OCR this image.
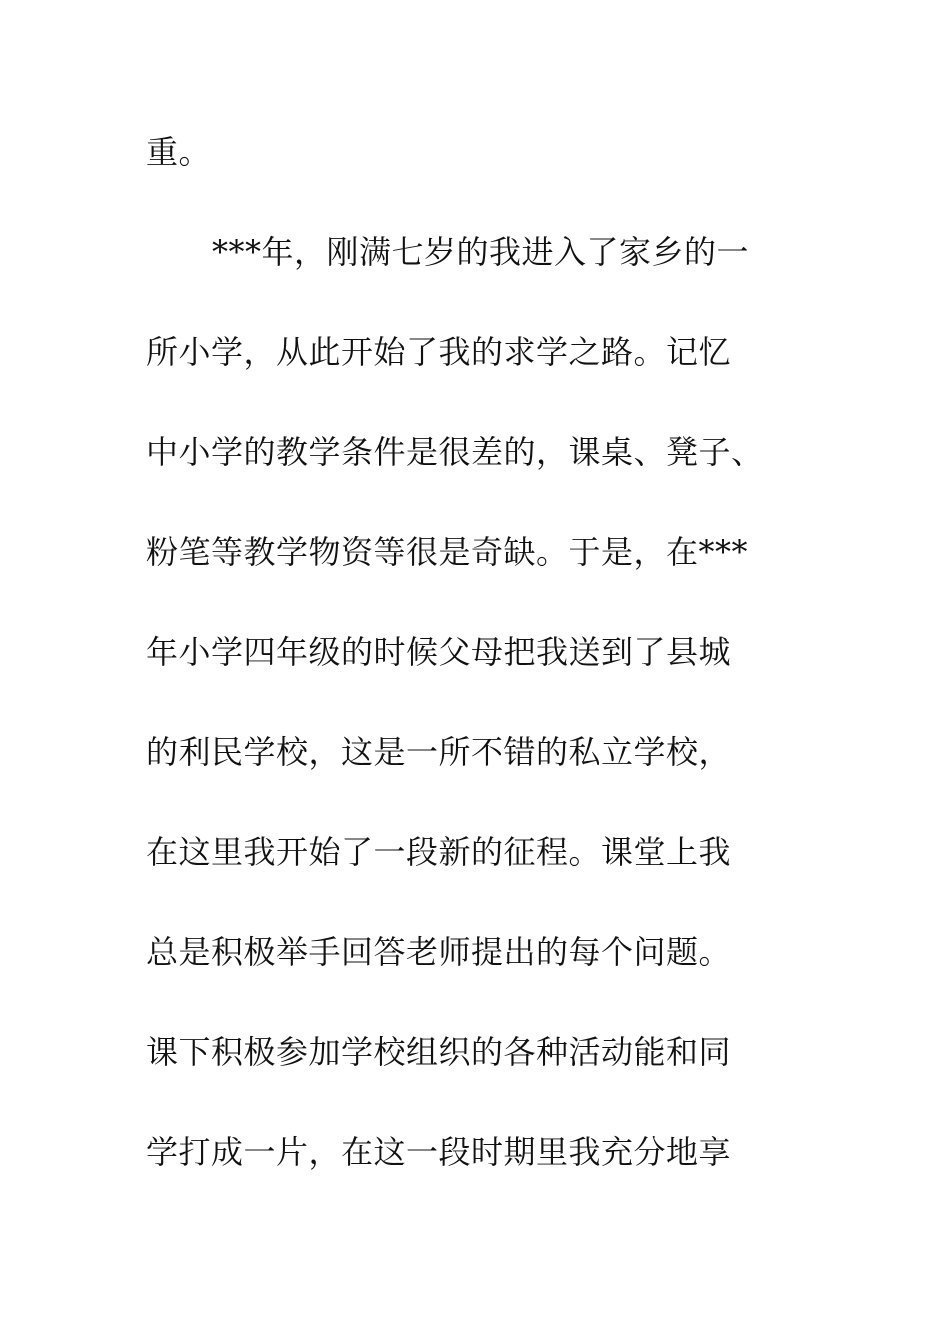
重。
***年，刚满七岁的我进入了家乡的一
所小学，从此开始了我的求学之路。记忆
中小学的教学条件是很差的，课桌、凳子、
粉笔等教学物资等很是奇缺。于是，在***
年小学四年级的时候父母把我送到了县城
的利民学校，这是一所不错的私立学校，
在这里我开始了一段新的征程。课堂上我
总是积极举手回答老师提出的每个问题。
课下积极参加学校组织的各种活动能和同
学打成一片，在这一段时期里我充分地享
